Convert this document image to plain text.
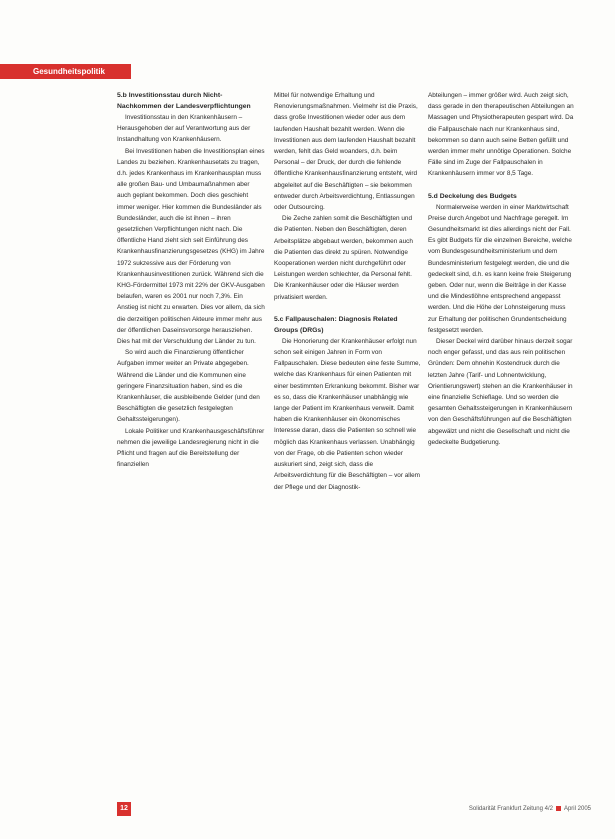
Gesundheitspolitik
5.b Investitionsstau durch Nicht-Nachkommen der Landesverpflichtungen

Investitionsstau in den Krankenhäusern – Herausgehoben der auf Verantwortung aus der Instandhaltung von Krankenhäusern.

Bei Investitionen haben die Investitionsplan eines Landes zu beziehen. Krankenhausetats zu tragen, d.h. jedes Krankenhaus im Krankenhausplan muss alle großen Bau- und Umbaumaßnahmen aber auch geplant bekommen. Doch dies geschieht immer weniger. Hier kommen die Bundesländer als Bundesländer, auch die ist ihnen – ihren gesetzlichen Verpflichtungen nicht nach. Die öffentliche Hand zieht sich seit Einführung des Krankenhausfinanzierungsgesetzes (KHG) im Jahre 1972 sukzessive aus der Förderung von Krankenhausinvestitionen zurück. Während sich die KHG-Fördermittel 1973 mit 22% der GKV-Ausgaben belaufen, waren es 2001 nur noch 7,3%. Ein Anstieg ist nicht zu erwarten. Dies vor allem, da sich die derzeitigen politischen Akteure immer mehr aus der öffentlichen Daseinsvorsorge herausziehen. Dies hat mit der Verschuldung der Länder zu tun.

So wird auch die Finanzierung öffentlicher Aufgaben immer weiter an Private abgegeben. Während die Länder und die Kommunen eine geringere Finanzsituation haben, sind es die Krankenhäuser, die ausbleibende Gelder (und den Beschäftigten die gesetzlich festgelegten Gehaltssteigerungen).

Lokale Politiker und Krankenhausgeschäftsführer nehmen die jeweilige Landesregierung nicht in die Pflicht und fragen auf die Bereitstellung der finanziellen

Mittel für notwendige Erhaltung und Renovierungsmaßnahmen. Vielmehr ist die Praxis, dass große Investitionen wieder oder aus dem laufenden Haushalt bezahlt werden. Wenn die Investitionen aus dem laufenden Haushalt bezahlt werden, fehlt das Geld woanders, d.h. beim Personal – der Druck, der durch die fehlende öffentliche Krankenhausfinanzierung entsteht, wird abgeleitet auf die Beschäftigten – sie bekommen entweder durch Arbeitsverdichtung, Entlassungen oder Outsourcing.

Die Zeche zahlen somit die Beschäftigten und die Patienten. Neben den Beschäftigten, deren Arbeitsplätze abgebaut werden, bekommen auch die Patienten das direkt zu spüren. Notwendige Kooperationen werden nicht durchgeführt oder Leistungen werden schlechter, da Personal fehlt. Die Krankenhäuser oder die Häuser werden privatisiert werden.

5.c Fallpauschalen: Diagnosis Related Groups (DRGs)

Die Honorierung der Krankenhäuser erfolgt nun schon seit einigen Jahren in Form von Fallpauschalen. Diese bedeuten eine feste Summe, welche das Krankenhaus für einen Patienten mit einer bestimmten Erkrankung bekommt. Bisher war es so, dass die Krankenhäuser unabhängig wie lange der Patient im Krankenhaus verweilt. Damit haben die Krankenhäuser ein ökonomisches Interesse daran, dass die Patienten so schnell wie möglich das Krankenhaus verlassen. Unabhängig von der Frage, ob die Patienten schon wieder auskuriert sind, zeigt sich, dass die Arbeitsverdichtung für die Beschäftigten – vor allem der Pflege und der Diagnostik-

Abteilungen – immer größer wird. Auch zeigt sich, dass gerade in den therapeutischen Abteilungen an Massagen und Physiotherapeuten gespart wird. Da die Fallpauschale nach nur Krankenhaus sind, bekommen so dann auch seine Betten gefüllt und werden immer mehr unnötige Operationen. Solche Fälle sind im Zuge der Fallpauschalen in Krankenhäusern immer vor 8,5 Tage.

5.d Deckelung des Budgets

Normalerweise werden in einer Marktwirtschaft Preise durch Angebot und Nachfrage geregelt. Im Gesundheitsmarkt ist dies allerdings nicht der Fall. Es gibt Budgets für die einzelnen Bereiche, welche vom Bundesgesundheitsministerium und dem Bundesministerium festgelegt werden, die und die gedeckelt sind, d.h. es kann keine freie Steigerung geben. Oder nur, wenn die Beiträge in der Kasse und die Mindestlöhne entsprechend angepasst werden. Und die Höhe der Lohnsteigerung muss zur Erhaltung der politischen Grundentscheidung festgesetzt werden.

Dieser Deckel wird darüber hinaus derzeit sogar noch enger gefasst, und das aus rein politischen Gründen: Dem ohnehin Kostendruck durch die letzten Jahre (Tarif- und Lohnentwicklung, Orientierungswert) stehen an die Krankenhäuser in eine finanzielle Schieflage. Und so werden die gesamten Gehaltssteigerungen in Krankenhäusern von den Geschäftsführungen auf die Beschäftigten abgewälzt und nicht die Gesellschaft und nicht die gedeckelte Budgetierung.

12	Solidarität Frankfurt Zeitung 4/2 April 2005
